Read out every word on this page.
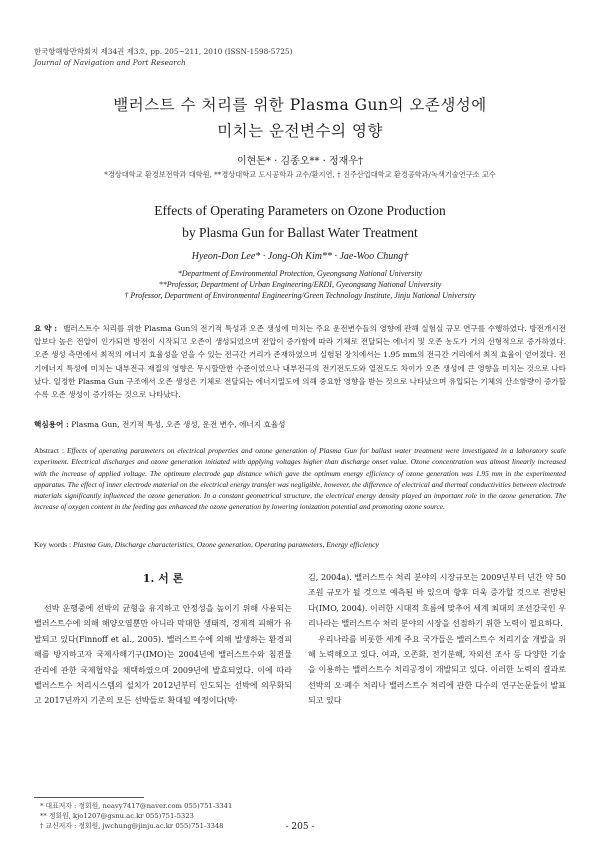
한국항해항만학회지 제34권 제3호, pp. 205~211, 2010 (ISSN-1598-5725)
Journal of Navigation and Port Research
밸러스트 수 처리를 위한 Plasma Gun의 오존생성에
미치는 운전변수의 영향
이현돈* · 김종오** · 정재우†
*경상대학교 환경보전학과 대학원, **경상대학교 도시공학과 교수/환지연, † 진주산업대학교 환경공학과/녹색기술연구소 교수
Effects of Operating Parameters on Ozone Production
by Plasma Gun for Ballast Water Treatment
Hyeon-Don Lee* · Jong-Oh Kim** · Jae-Woo Chung†
*Department of Environmental Protection, Gyeongsang National University
**Professor, Department of Urban Engineering/ERDI, Gyeongsang National University
† Professor, Department of Environmental Engineering/Green Technology Institute, Jinju National University
요 약 : 밸러스트수 처리를 위한 Plasma Gun의 전기적 특성과 오존 생성에 미치는 주요 운전변수들의 영향에 관해 실험실 규모 연구를 수행하였다. 방전개시전압보다 높은 전압이 인가되면 방전이 시작되고 오존이 생성되었으며 전압이 증가함에 따라 기체로 전달되는 에너지 및 오존 농도가 거의 선형적으로 증가하였다. 오존 생성 측면에서 최적의 에너지 효율성을 얻을 수 있는 전극간 거리가 존재하였으며 실험된 장치에서는 1.95 mm의 전극간 거리에서 최적 효율이 얻어졌다. 전기에너지 특성에 미치는 내부전극 재질의 영향은 무시할만한 수준이었으나 내부전극의 전기전도도와 열전도도 차이가 오존 생성에 큰 영향을 미치는 것으로 나타났다. 일정한 Plasma Gun 구조에서 오존 생성은 기체로 전달되는 에너지밀도에 의해 중요한 영향을 받는 것으로 나타났으며 유입되는 기체의 산소함량이 증가할수록 오존 생성이 증가하는 것으로 나타났다.
핵심용어 : Plasma Gun, 전기적 특성, 오존 생성, 운전 변수, 에너지 효율성
Abstract : Effects of operating parameters on electrical properties and ozone generation of Plasma Gun for ballast water treatment were investigated in a laboratory scale experiment. Electrical discharges and ozone generation initiated with applying voltages higher than discharge onset value. Ozone concentration was almost linearly increased with the increase of applied voltage. The optimum electrode gap distance which gave the optimum energy efficiency of ozone generation was 1.95 mm in the experimented apparatus. The effect of inner electrode material on the electrical energy transfer was negligible, however, the difference of electrical and thermal conductivities between electrode materials significantly influenced the ozone generation. In a constant geometrical structure, the electrical energy density played an important role in the ozone generation. The increase of oxygen content in the feeding gas enhanced the ozone generation by lowering ionization potential and promoting ozone source.
Key words : Plasma Gun, Discharge characteristics, Ozone generation, Operating parameters, Energy efficiency
1. 서 론

선박 운행중에 선박의 균형을 유지하고 안정성을 높이기 위해 사용되는 밸러스트수에 의해 해양오염뿐만 아니라 막대한 생태적, 경제적 피해가 유발되고 있다(Finnoff et al., 2005). 밸러스트수에 의해 발생하는 환경피해를 방지하고자 국제사해기구(IMO)는 2004년에 밸러스트수와 침전물 관리에 관한 국제협약을 채택하였으며 2009년에 발효되었다. 이에 따라 밸러스트수 처리시스템의 설치가 2012년부터 인도되는 선박에 의무화되고 2017년까지 기존의 모든 선박들로 확대될 예정이다(박·

김, 2004a). 밸러스트수 처리 분야의 시장규모는 2009년부터 년간 약 50조원 규모가 될 것으로 예측된 바 있으며 향후 더욱 증가할 것으로 전망된다(IMO, 2004). 이러한 시대적 흐름에 맞추어 세계 최대의 조선강국인 우리나라는 밸러스트수 처리 분야의 시장을 선점하기 위한 노력이 필요하다.

우리나라를 비롯한 세계 주요 국가들은 밸러스트수 처리기술 개발을 위해 노력해오고 있다. 여과, 오존화, 전기분해, 자외선 조사 등 다양한 기술을 이용하는 밸러스트수 처리공정이 개발되고 있다. 이러한 노력의 결과로 선박의 오·폐수 처리나 밸러스트수 처리에 관한 다수의 연구논문들이 발표되고 있다

* 대표저자 : 정회원, neavy7417@naver.com 055)751-3341
** 정회원, kjo1207@gsnu.ac.kr 055)751-5323
† 교신저자 : 정회원, jwchung@jinju.ac.kr 055)751-3348	- 205 -
